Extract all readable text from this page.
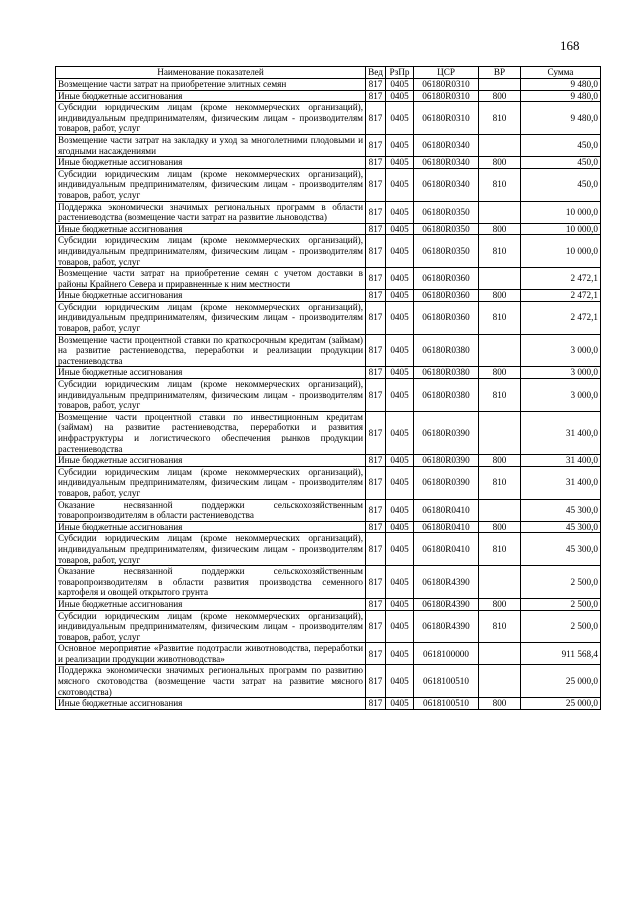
168
Наименование показателей	Вед	РзПр	ЦСР	ВР	Сумма
Возмещение части затрат на приобретение элитных семян	817	0405	06180R0310		9 480,0
Иные бюджетные ассигнования	817	0405	06180R0310	800	9 480,0
Субсидии юридическим лицам (кроме некоммерческих организаций), индивидуальным предпринимателям, физическим лицам - производителям товаров, работ, услуг	817	0405	06180R0310	810	9 480,0
Возмещение части затрат на закладку и уход за многолетними плодовыми и ягодными насаждениями	817	0405	06180R0340		450,0
Иные бюджетные ассигнования	817	0405	06180R0340	800	450,0
Субсидии юридическим лицам (кроме некоммерческих организаций), индивидуальным предпринимателям, физическим лицам - производителям товаров, работ, услуг	817	0405	06180R0340	810	450,0
Поддержка экономически значимых региональных программ в области растениеводства (возмещение части затрат на развитие льноводства)	817	0405	06180R0350		10 000,0
Иные бюджетные ассигнования	817	0405	06180R0350	800	10 000,0
Субсидии юридическим лицам (кроме некоммерческих организаций), индивидуальным предпринимателям, физическим лицам - производителям товаров, работ, услуг	817	0405	06180R0350	810	10 000,0
Возмещение части затрат на приобретение семян с учетом доставки в районы Крайнего Севера и приравненные к ним местности	817	0405	06180R0360		2 472,1
Иные бюджетные ассигнования	817	0405	06180R0360	800	2 472,1
Субсидии юридическим лицам (кроме некоммерческих организаций), индивидуальным предпринимателям, физическим лицам - производителям товаров, работ, услуг	817	0405	06180R0360	810	2 472,1
Возмещение части процентной ставки по краткосрочным кредитам (займам) на развитие растениеводства, переработки и реализации продукции растениеводства	817	0405	06180R0380		3 000,0
Иные бюджетные ассигнования	817	0405	06180R0380	800	3 000,0
Субсидии юридическим лицам (кроме некоммерческих организаций), индивидуальным предпринимателям, физическим лицам - производителям товаров, работ, услуг	817	0405	06180R0380	810	3 000,0
Возмещение части процентной ставки по инвестиционным кредитам (займам) на развитие растениеводства, переработки и развития инфраструктуры и логистического обеспечения рынков продукции растениеводства	817	0405	06180R0390		31 400,0
Иные бюджетные ассигнования	817	0405	06180R0390	800	31 400,0
Субсидии юридическим лицам (кроме некоммерческих организаций), индивидуальным предпринимателям, физическим лицам - производителям товаров, работ, услуг	817	0405	06180R0390	810	31 400,0
Оказание несвязанной поддержки сельскохозяйственным товаропроизводителям в области растениеводства	817	0405	06180R0410		45 300,0
Иные бюджетные ассигнования	817	0405	06180R0410	800	45 300,0
Субсидии юридическим лицам (кроме некоммерческих организаций), индивидуальным предпринимателям, физическим лицам - производителям товаров, работ, услуг	817	0405	06180R0410	810	45 300,0
Оказание несвязанной поддержки сельскохозяйственным товаропроизводителям в области развития производства семенного картофеля и овощей открытого грунта	817	0405	06180R4390		2 500,0
Иные бюджетные ассигнования	817	0405	06180R4390	800	2 500,0
Субсидии юридическим лицам (кроме некоммерческих организаций), индивидуальным предпринимателям, физическим лицам - производителям товаров, работ, услуг	817	0405	06180R4390	810	2 500,0
Основное мероприятие «Развитие подотрасли животноводства, переработки и реализации продукции животноводства»	817	0405	0618100000		911 568,4
Поддержка экономически значимых региональных программ по развитию мясного скотоводства (возмещение части затрат на развитие мясного скотоводства)	817	0405	0618100510		25 000,0
Иные бюджетные ассигнования	817	0405	0618100510	800	25 000,0
